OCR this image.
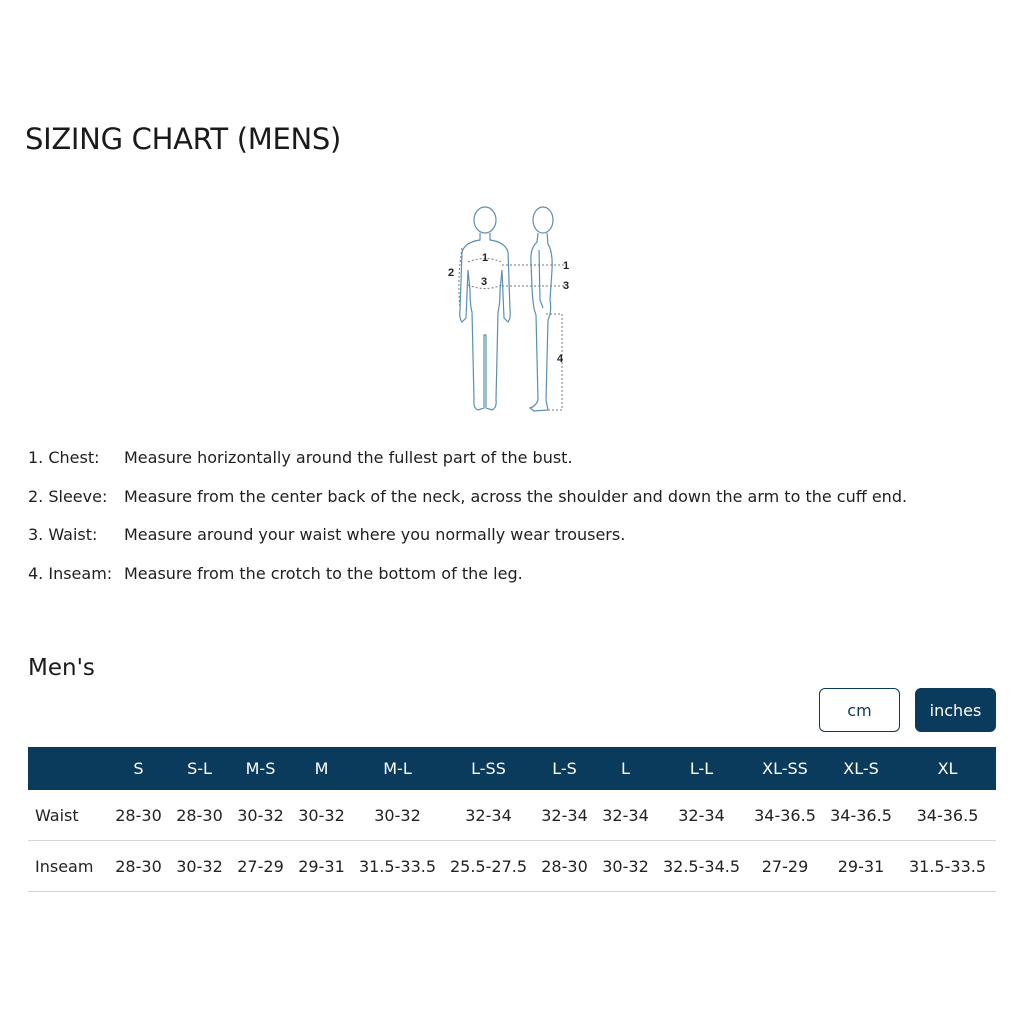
SIZING CHART (MENS)
1
2
3
1
3
4
1. Chest:	Measure horizontally around the fullest part of the bust.
2. Sleeve:	Measure from the center back of the neck, across the shoulder and down the arm to the cuff end.
3. Waist:	Measure around your waist where you normally wear trousers.
4. Inseam: Measure from the crotch to the bottom of the leg.
Men's
cm	inches
	S	S-L	M-S	M	M-L	L-SS	L-S	L	L-L	XL-SS	XL-S	XL
Waist	28-30	28-30	30-32	30-32	30-32	32-34	32-34	32-34	32-34	34-36.5	34-36.5	34-36.5
Inseam	28-30	30-32	27-29	29-31	31.5-33.5	25.5-27.5	28-30	30-32	32.5-34.5	27-29	29-31	31.5-33.5
